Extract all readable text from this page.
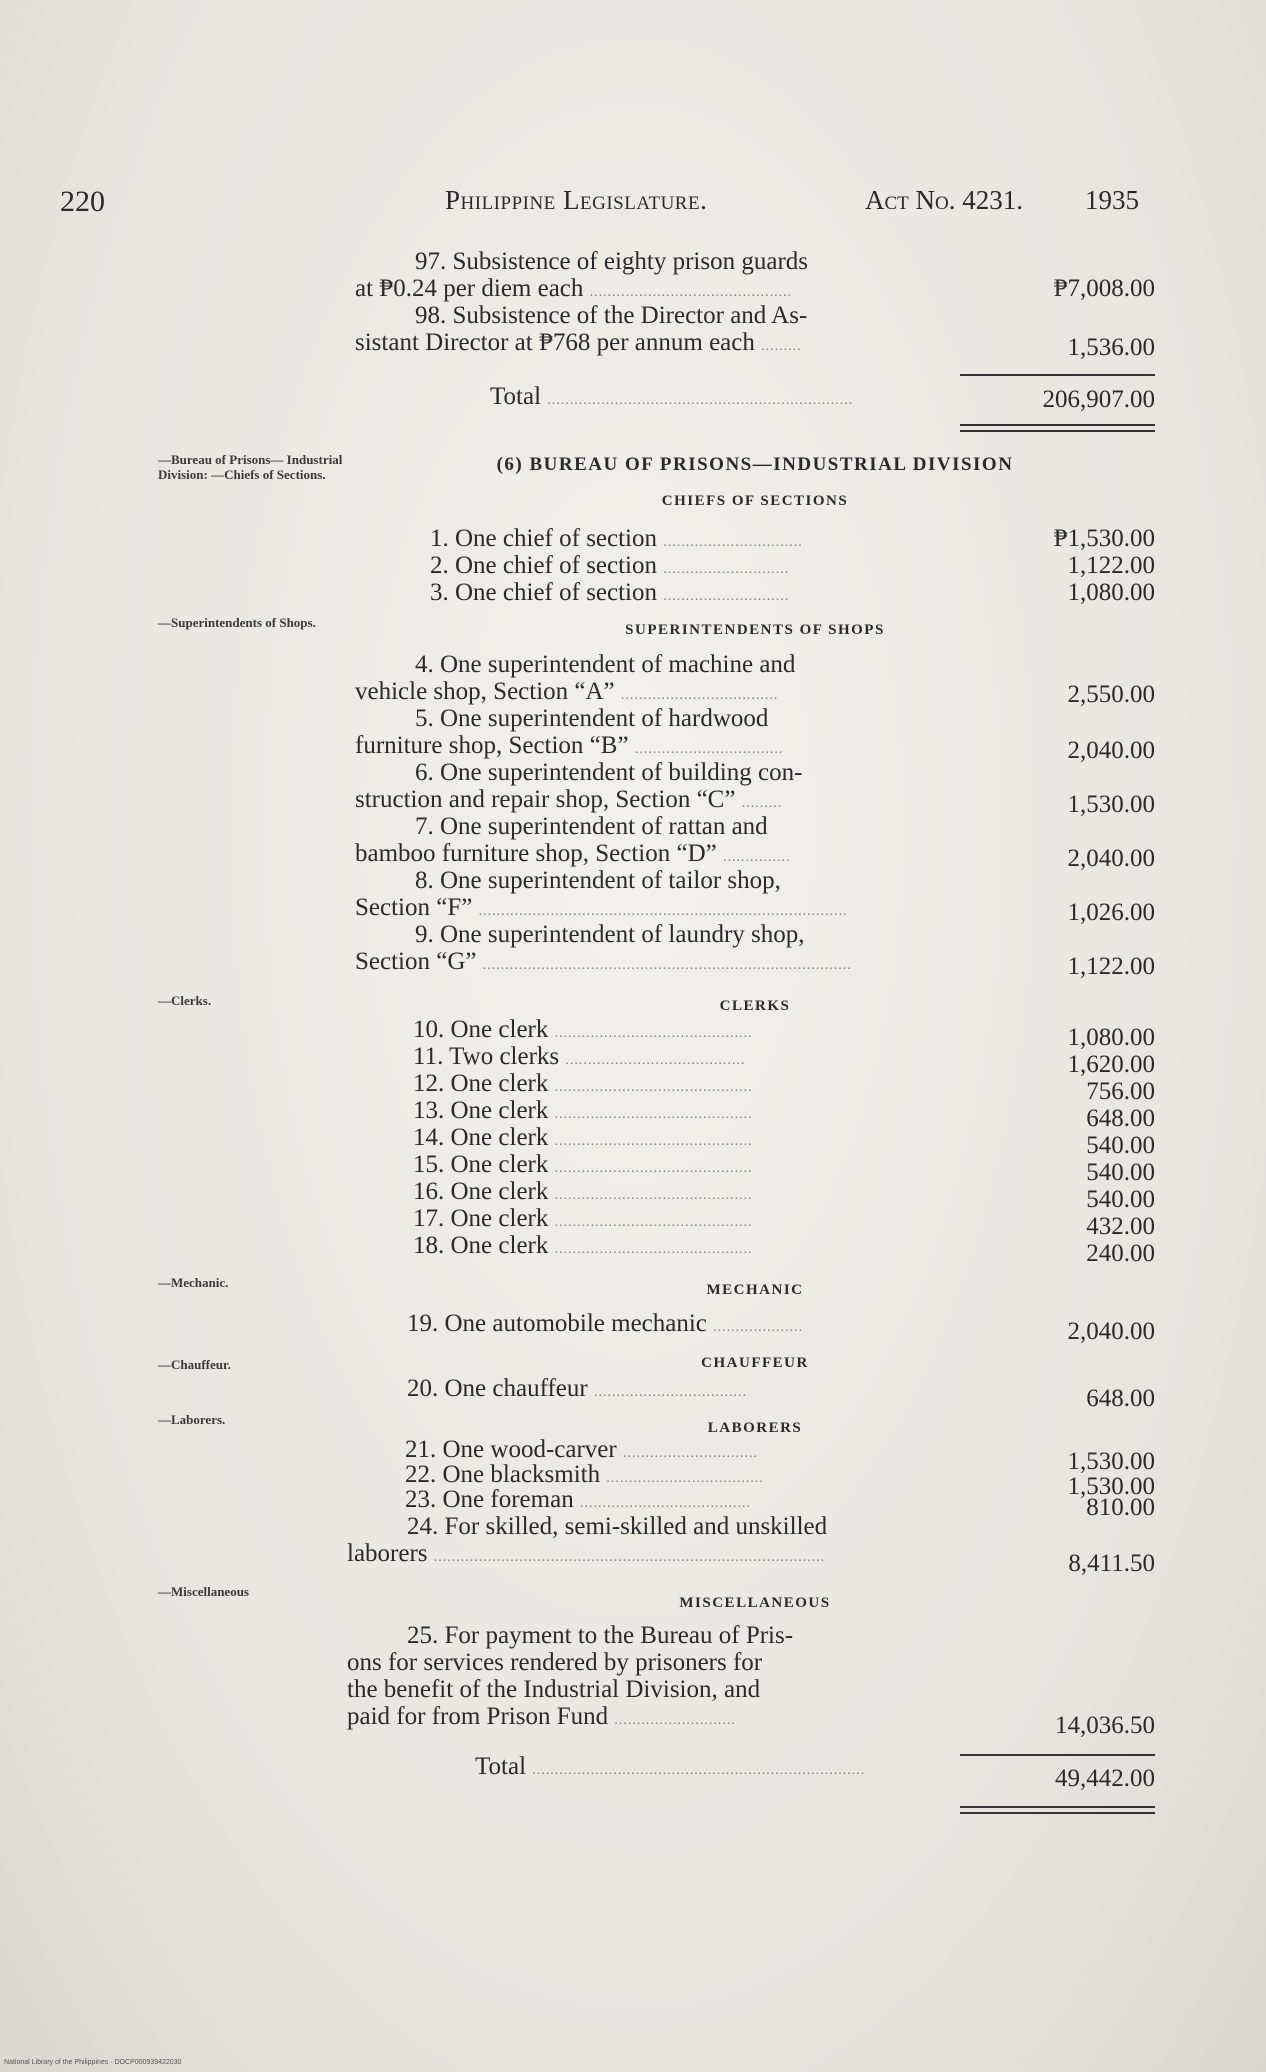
220	Philippine Legislature.	Act No. 4231. 1935
—Bureau of Prisons— Industrial Division: —Chiefs of Sections.
—Superintendents of Shops.
—Clerks.
—Mechanic.
—Chauffeur.
—Laborers.
—Miscellaneous
97. Subsistence of eighty prison guards
at ₱0.24 per diem each .............................................	₱7,008.00
98. Subsistence of the Director and As-
sistant Director at ₱768 per annum each .........	1,536.00
Total ....................................................................	206,907.00
(6) BUREAU OF PRISONS—INDUSTRIAL DIVISION
CHIEFS OF SECTIONS
1. One chief of section ...............................	₱1,530.00
2. One chief of section ............................	1,122.00
3. One chief of section ............................	1,080.00
SUPERINTENDENTS OF SHOPS
4. One superintendent of machine and
vehicle shop, Section “A” ...................................	2,550.00
5. One superintendent of hardwood
furniture shop, Section “B” .................................	2,040.00
6. One superintendent of building con-
struction and repair shop, Section “C” .........	1,530.00
7. One superintendent of rattan and
bamboo furniture shop, Section “D” ...............	2,040.00
8. One superintendent of tailor shop,
Section “F” ..................................................................................	1,026.00
9. One superintendent of laundry shop,
Section “G” ..................................................................................	1,122.00
CLERKS
10. One clerk ............................................	1,080.00
11. Two clerks ........................................	1,620.00
12. One clerk ............................................	756.00
13. One clerk ............................................	648.00
14. One clerk ............................................	540.00
15. One clerk ............................................	540.00
16. One clerk ............................................	540.00
17. One clerk ............................................	432.00
18. One clerk ............................................	240.00
MECHANIC
19. One automobile mechanic ....................	2,040.00
CHAUFFEUR
20. One chauffeur ..................................	648.00
LABORERS
21. One wood-carver ..............................	1,530.00
22. One blacksmith ...................................	1,530.00
23. One foreman ......................................	810.00
24. For skilled, semi-skilled and unskilled
laborers .......................................................................................	8,411.50
MISCELLANEOUS
25. For payment to the Bureau of Pris-
ons for services rendered by prisoners for
the benefit of the Industrial Division, and
paid for from Prison Fund ...........................	14,036.50
Total ..........................................................................	49,442.00
National Library of the Philippines · DOCP000939422030
